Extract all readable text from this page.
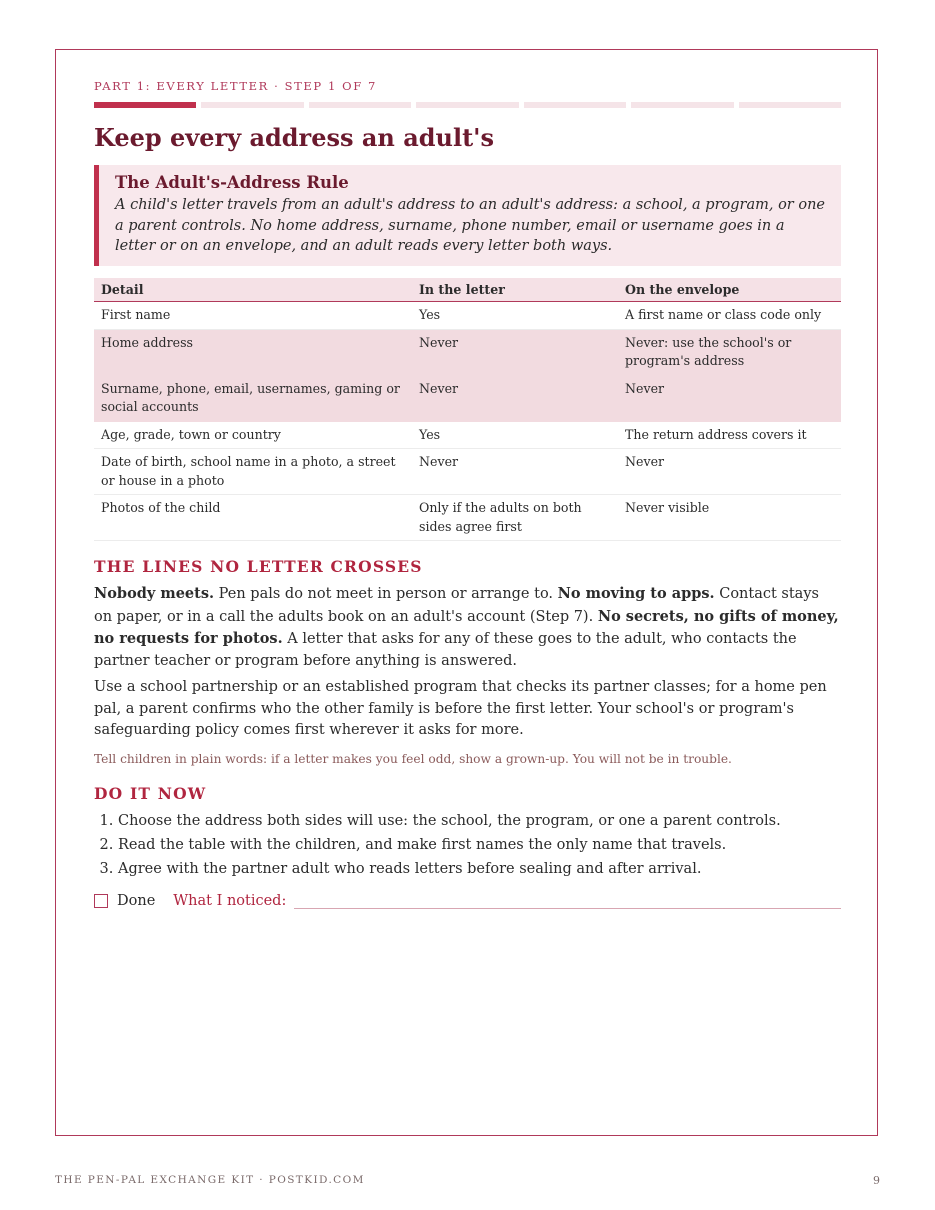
PART 1: EVERY LETTER · STEP 1 OF 7
Keep every address an adult's
The Adult's-Address Rule
A child's letter travels from an adult's address to an adult's address: a school, a program, or one a parent controls. No home address, surname, phone number, email or username goes in a letter or on an envelope, and an adult reads every letter both ways.
Detail	In the letter	On the envelope
First name	Yes	A first name or class code only
Home address	Never	Never: use the school's or program's address
Surname, phone, email, usernames, gaming or social accounts	Never	Never
Age, grade, town or country	Yes	The return address covers it
Date of birth, school name in a photo, a street or house in a photo	Never	Never
Photos of the child	Only if the adults on both sides agree first	Never visible
THE LINES NO LETTER CROSSES

Nobody meets. Pen pals do not meet in person or arrange to. No moving to apps. Contact stays on paper, or in a call the adults book on an adult's account (Step 7). No secrets, no gifts of money, no requests for photos. A letter that asks for any of these goes to the adult, who contacts the partner teacher or program before anything is answered.

Use a school partnership or an established program that checks its partner classes; for a home pen pal, a parent confirms who the other family is before the first letter. Your school's or program's safeguarding policy comes first wherever it asks for more.

Tell children in plain words: if a letter makes you feel odd, show a grown-up. You will not be in trouble.

DO IT NOW
1. Choose the address both sides will use: the school, the program, or one a parent controls.
2. Read the table with the children, and make first names the only name that travels.
3. Agree with the partner adult who reads letters before sealing and after arrival.
Done What I noticed:
THE PEN-PAL EXCHANGE KIT · POSTKID.COM	9
